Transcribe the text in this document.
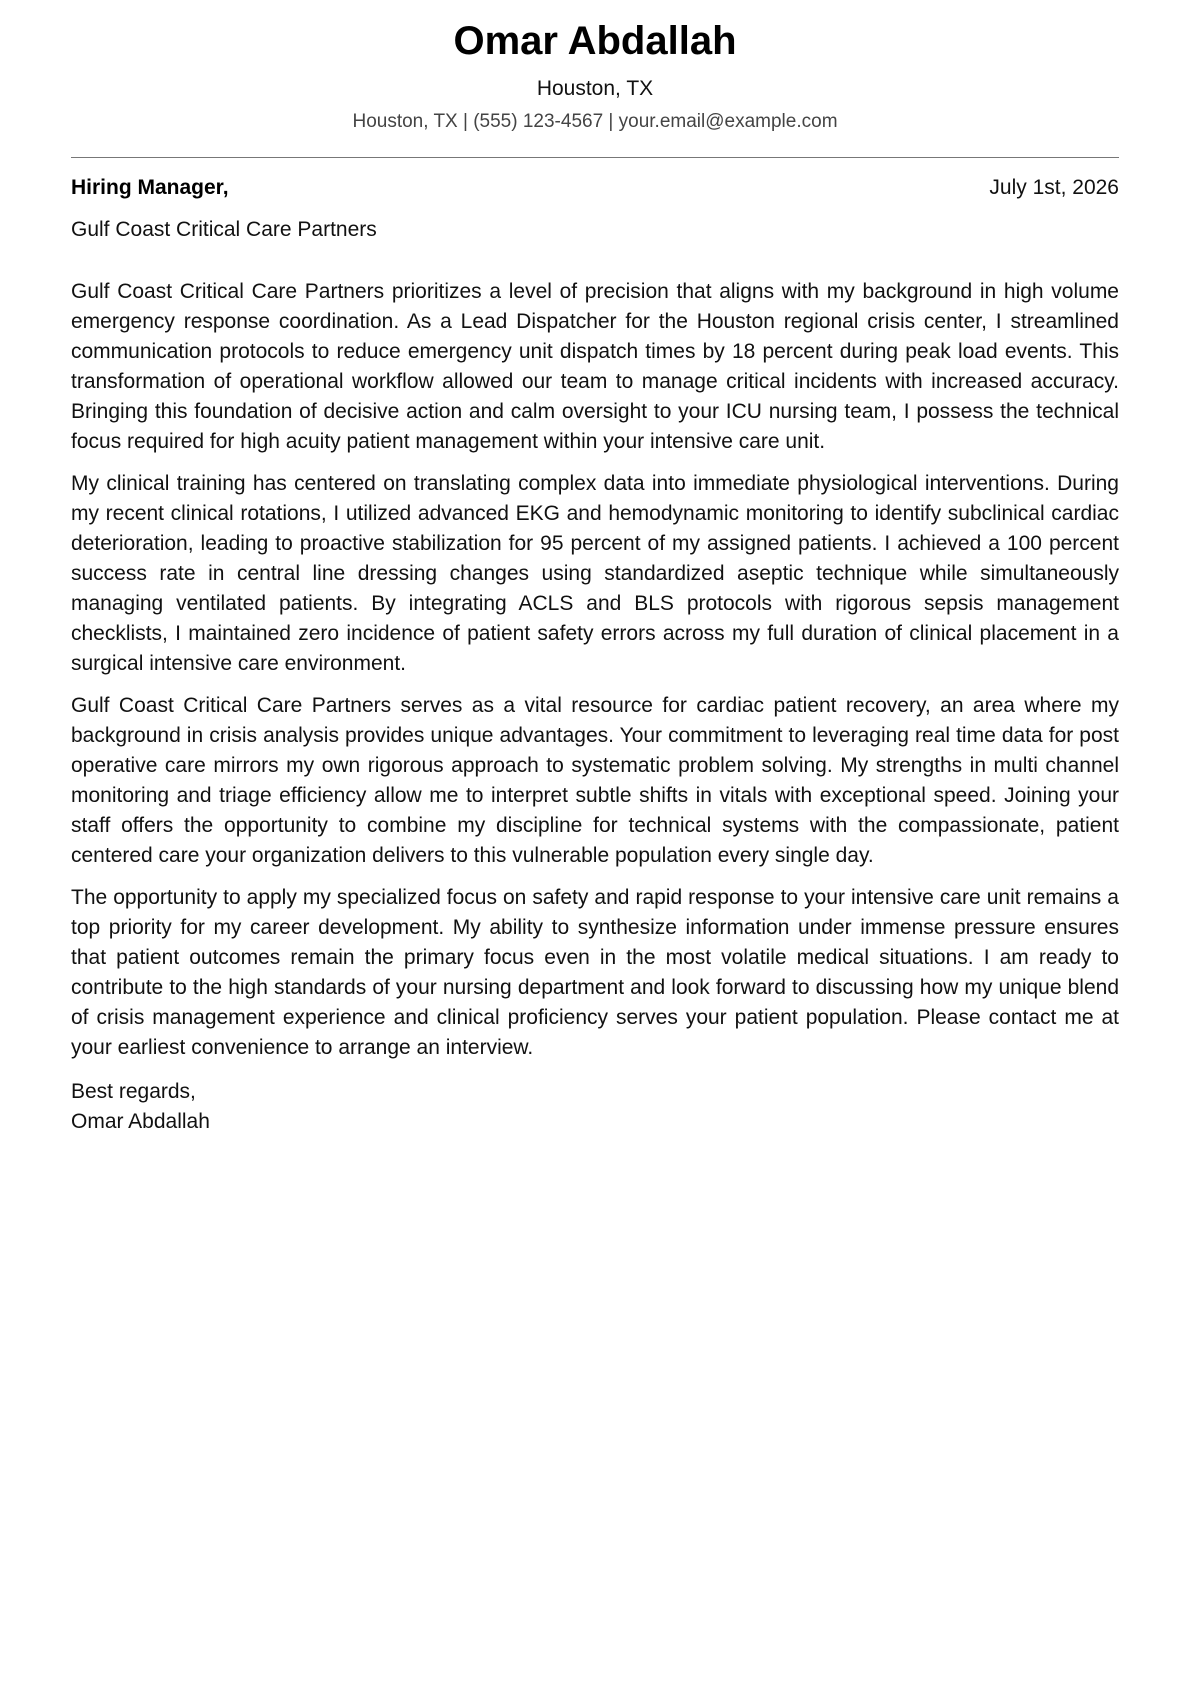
Omar Abdallah
Houston, TX
Houston, TX | (555) 123-4567 | your.email@example.com
Hiring Manager,	July 1st, 2026
Gulf Coast Critical Care Partners

Gulf Coast Critical Care Partners prioritizes a level of precision that aligns with my background in high volume emergency response coordination. As a Lead Dispatcher for the Houston regional crisis center, I streamlined communication protocols to reduce emergency unit dispatch times by 18 percent during peak load events. This transformation of operational workflow allowed our team to manage critical incidents with increased accuracy. Bringing this foundation of decisive action and calm oversight to your ICU nursing team, I possess the technical focus required for high acuity patient management within your intensive care unit.

My clinical training has centered on translating complex data into immediate physiological interventions. During my recent clinical rotations, I utilized advanced EKG and hemodynamic monitoring to identify subclinical cardiac deterioration, leading to proactive stabilization for 95 percent of my assigned patients. I achieved a 100 percent success rate in central line dressing changes using standardized aseptic technique while simultaneously managing ventilated patients. By integrating ACLS and BLS protocols with rigorous sepsis management checklists, I maintained zero incidence of patient safety errors across my full duration of clinical placement in a surgical intensive care environment.

Gulf Coast Critical Care Partners serves as a vital resource for cardiac patient recovery, an area where my background in crisis analysis provides unique advantages. Your commitment to leveraging real time data for post operative care mirrors my own rigorous approach to systematic problem solving. My strengths in multi channel monitoring and triage efficiency allow me to interpret subtle shifts in vitals with exceptional speed. Joining your staff offers the opportunity to combine my discipline for technical systems with the compassionate, patient centered care your organization delivers to this vulnerable population every single day.

The opportunity to apply my specialized focus on safety and rapid response to your intensive care unit remains a top priority for my career development. My ability to synthesize information under immense pressure ensures that patient outcomes remain the primary focus even in the most volatile medical situations. I am ready to contribute to the high standards of your nursing department and look forward to discussing how my unique blend of crisis management experience and clinical proficiency serves your patient population. Please contact me at your earliest convenience to arrange an interview.

Best regards,
Omar Abdallah
